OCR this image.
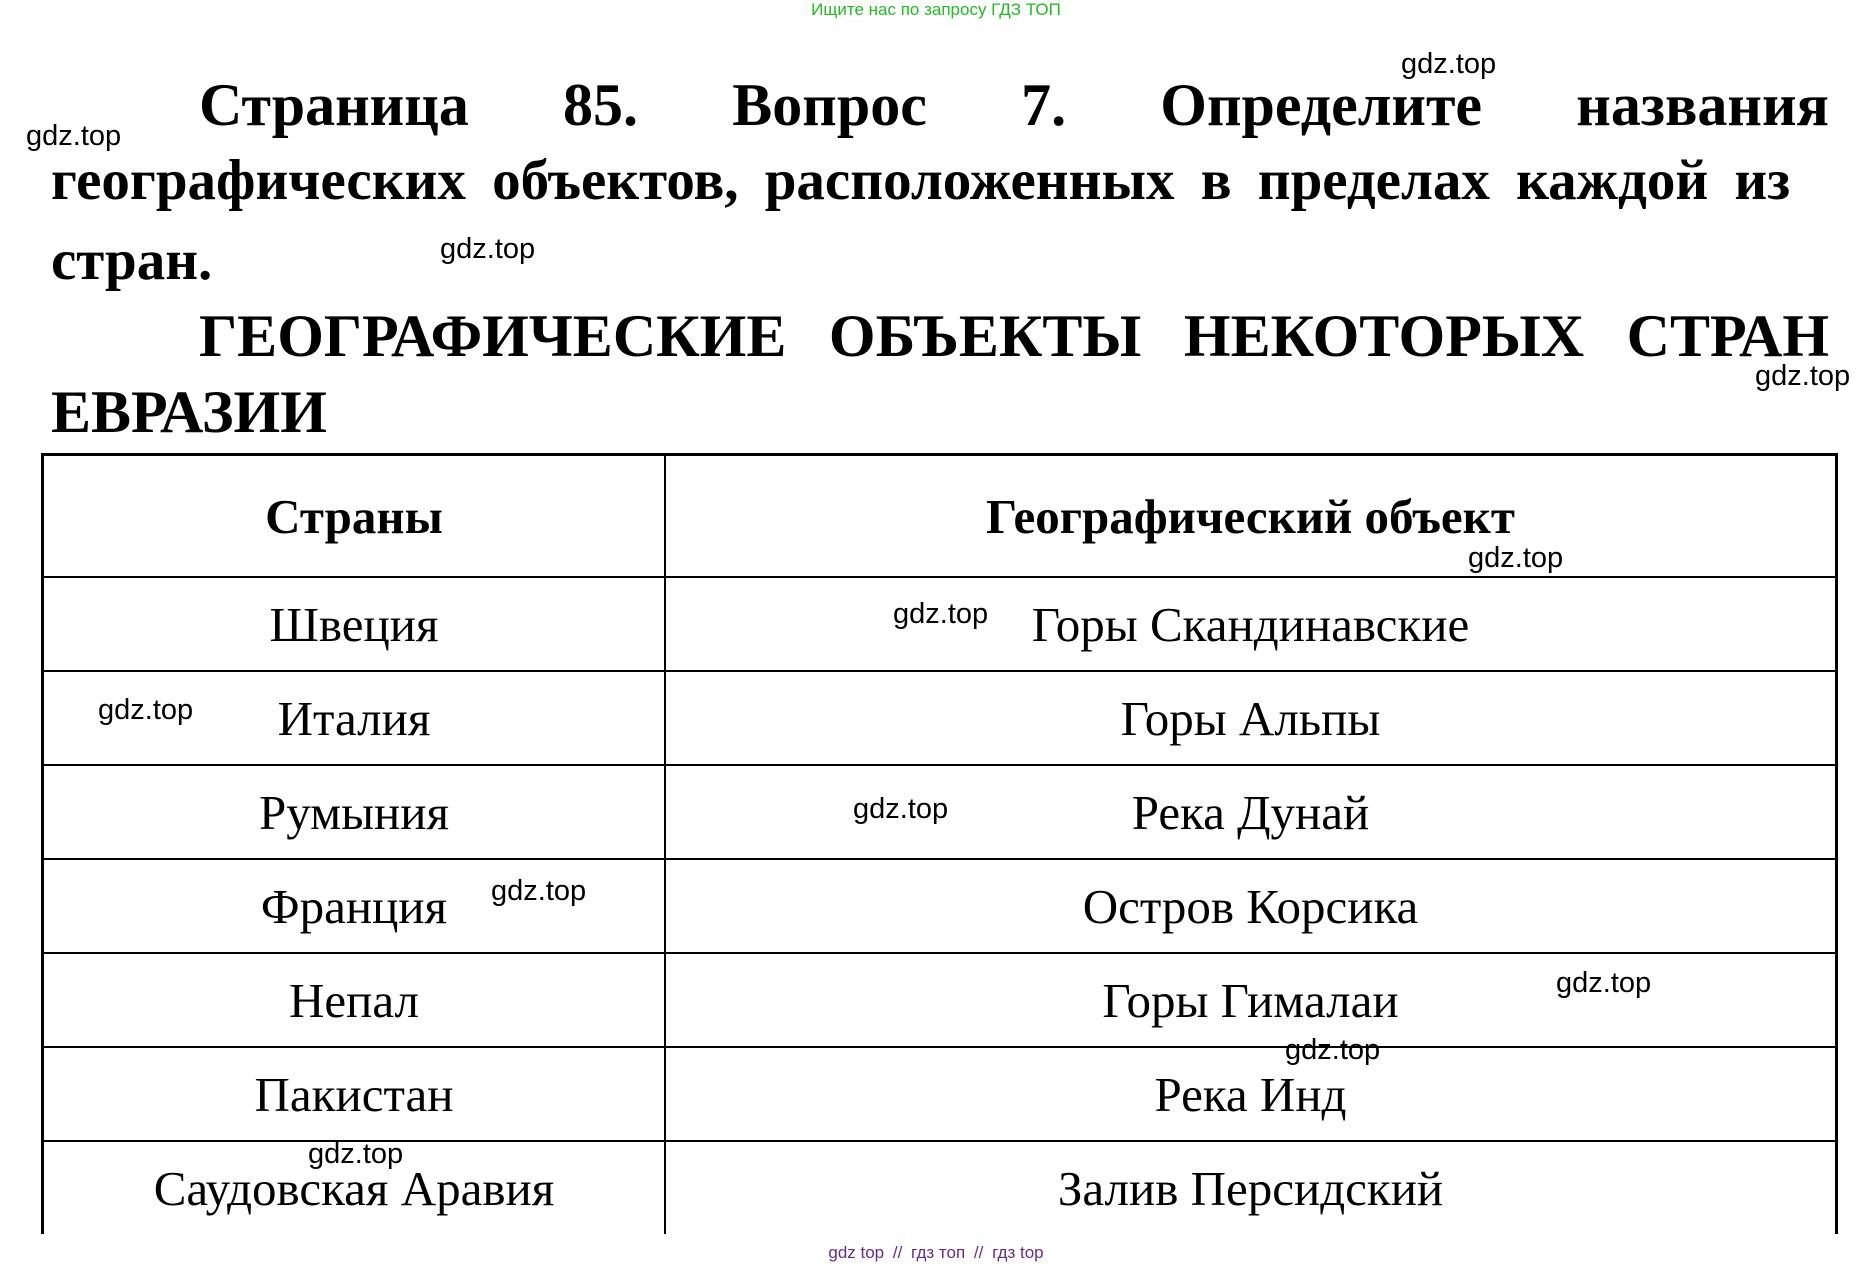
Ищите нас по запросу ГДЗ ТОП
Страница 85. Вопрос 7. Определите названия
географических объектов, расположенных в пределах каждой из
стран.
ГЕОГРАФИЧЕСКИЕ ОБЪЕКТЫ НЕКОТОРЫХ СТРАН
ЕВРАЗИИ
Страны	Географический объект
Швеция	Горы Скандинавские
Италия	Горы Альпы
Румыния	Река Дунай
Франция	Остров Корсика
Непал	Горы Гималаи
Пакистан	Река Инд
Саудовская Аравия	Залив Персидский
gdz.top
gdz.top
gdz.top
gdz.top
gdz.top
gdz.top
gdz.top
gdz.top
gdz.top
gdz.top
gdz.top
gdz.top
gdz top // гдз топ // гдз top
